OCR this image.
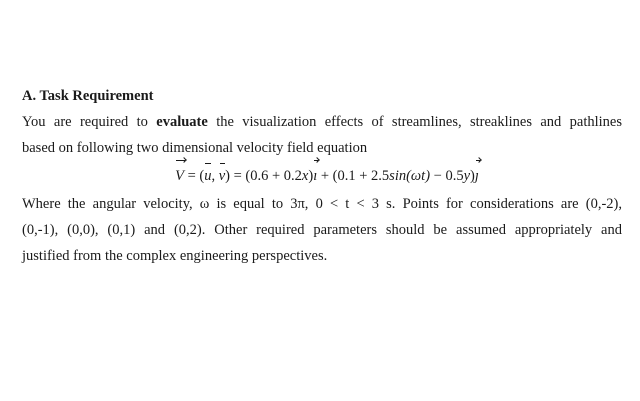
A. Task Requirement

You are required to evaluate the visualization effects of streamlines, streaklines and pathlines
based on following two dimensional velocity field equation

V = (u, v) = (0.6 + 0.2x)ı + (0.1 + 2.5sin(ωt) − 0.5y)ȷ

Where the angular velocity, ω is equal to 3π, 0 < t < 3 s. Points for considerations are (0,-2),
(0,-1), (0,0), (0,1) and (0,2). Other required parameters should be assumed appropriately and
justified from the complex engineering perspectives.
